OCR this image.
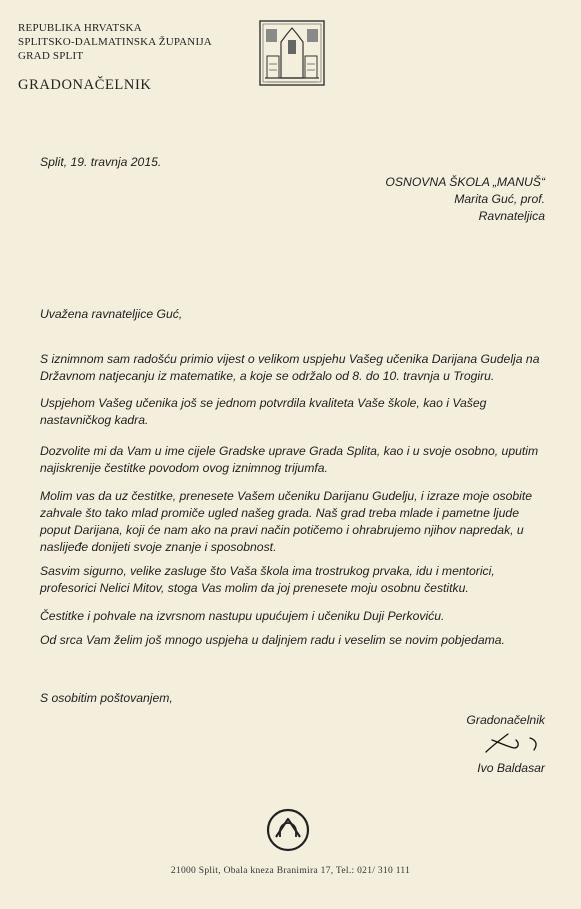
REPUBLIKA HRVATSKA
SPLITSKO-DALMATINSKA ŽUPANIJA
GRAD SPLIT
GRADONAČELNIK
Split, 19. travnja 2015.
OSNOVNA ŠKOLA „MANUŠ“
Marita Guć, prof.
Ravnateljica
Uvažena ravnateljice Guć,
S iznimnom sam radošću primio vijest o velikom uspjehu Vašeg učenika Darijana Gudelja na
Državnom natjecanju iz matematike, a koje se održalo od 8. do 10. travnja u Trogiru.
Uspjehom Vašeg učenika još se jednom potvrdila kvaliteta Vaše škole, kao i Vašeg
nastavničkog kadra.
Dozvolite mi da Vam u ime cijele Gradske uprave Grada Splita, kao i u svoje osobno, uputim
najiskrenije čestitke povodom ovog iznimnog trijumfa.
Molim vas da uz čestitke, prenesete Vašem učeniku Darijanu Gudelju, i izraze moje osobite
zahvale što tako mlad promiče ugled našeg grada. Naš grad treba mlade i pametne ljude
poput Darijana, koji će nam ako na pravi način potičemo i ohrabrujemo njihov napredak, u
naslijeđe donijeti svoje znanje i sposobnost.
Sasvim sigurno, velike zasluge što Vaša škola ima trostrukog prvaka, idu i mentorici,
profesorici Nelici Mitov, stoga Vas molim da joj prenesete moju osobnu čestitku.
Čestitke i pohvale na izvrsnom nastupu upućujem i učeniku Duji Perkoviću.
Od srca Vam želim još mnogo uspjeha u daljnjem radu i veselim se novim pobjedama.
S osobitim poštovanjem,
Gradonačelnik
Ivo Baldasar
21000 Split, Obala kneza Branimira 17, Tel.: 021/ 310 111
